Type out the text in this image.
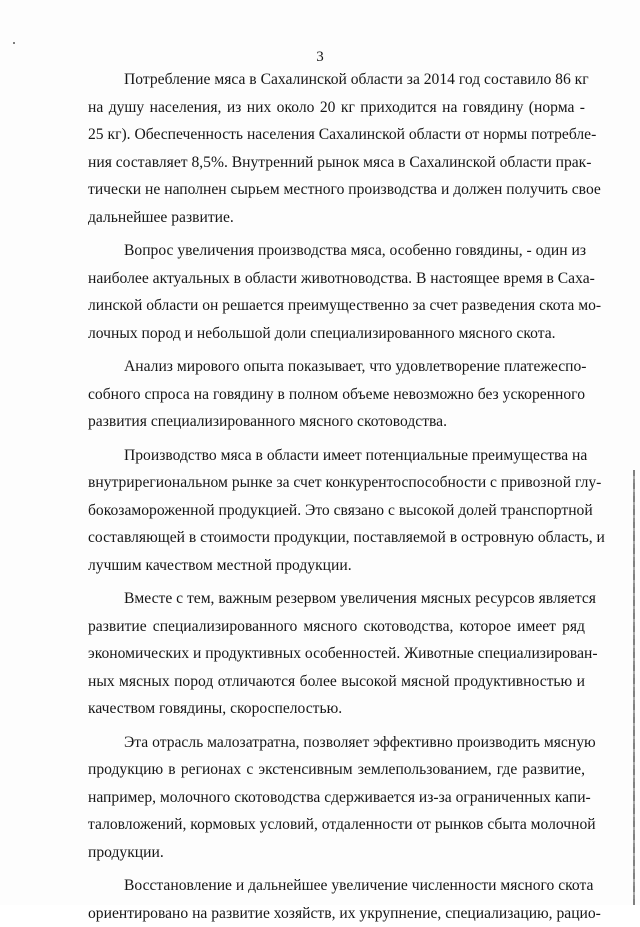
3
Потребление мяса в Сахалинской области за 2014 год составило 86 кг
на душу населения, из них около 20 кг приходится на говядину (норма -
25 кг). Обеспеченность населения Сахалинской области от нормы потребле-
ния составляет 8,5%. Внутренний рынок мяса в Сахалинской области прак-
тически не наполнен сырьем местного производства и должен получить свое
дальнейшее развитие.
Вопрос увеличения производства мяса, особенно говядины, - один из
наиболее актуальных в области животноводства. В настоящее время в Саха-
линской области он решается преимущественно за счет разведения скота мо-
лочных пород и небольшой доли специализированного мясного скота.
Анализ мирового опыта показывает, что удовлетворение платежеспо-
собного спроса на говядину в полном объеме невозможно без ускоренного
развития специализированного мясного скотоводства.
Производство мяса в области имеет потенциальные преимущества на
внутрирегиональном рынке за счет конкурентоспособности с привозной глу-
бокозамороженной продукцией. Это связано с высокой долей транспортной
составляющей в стоимости продукции, поставляемой в островную область, и
лучшим качеством местной продукции.
Вместе с тем, важным резервом увеличения мясных ресурсов является
развитие специализированного мясного скотоводства, которое имеет ряд
экономических и продуктивных особенностей. Животные специализирован-
ных мясных пород отличаются более высокой мясной продуктивностью и
качеством говядины, скороспелостью.
Эта отрасль малозатратна, позволяет эффективно производить мясную
продукцию в регионах с экстенсивным землепользованием, где развитие,
например, молочного скотоводства сдерживается из-за ограниченных капи-
таловложений, кормовых условий, отдаленности от рынков сбыта молочной
продукции.
Восстановление и дальнейшее увеличение численности мясного скота
ориентировано на развитие хозяйств, их укрупнение, специализацию, рацио-
